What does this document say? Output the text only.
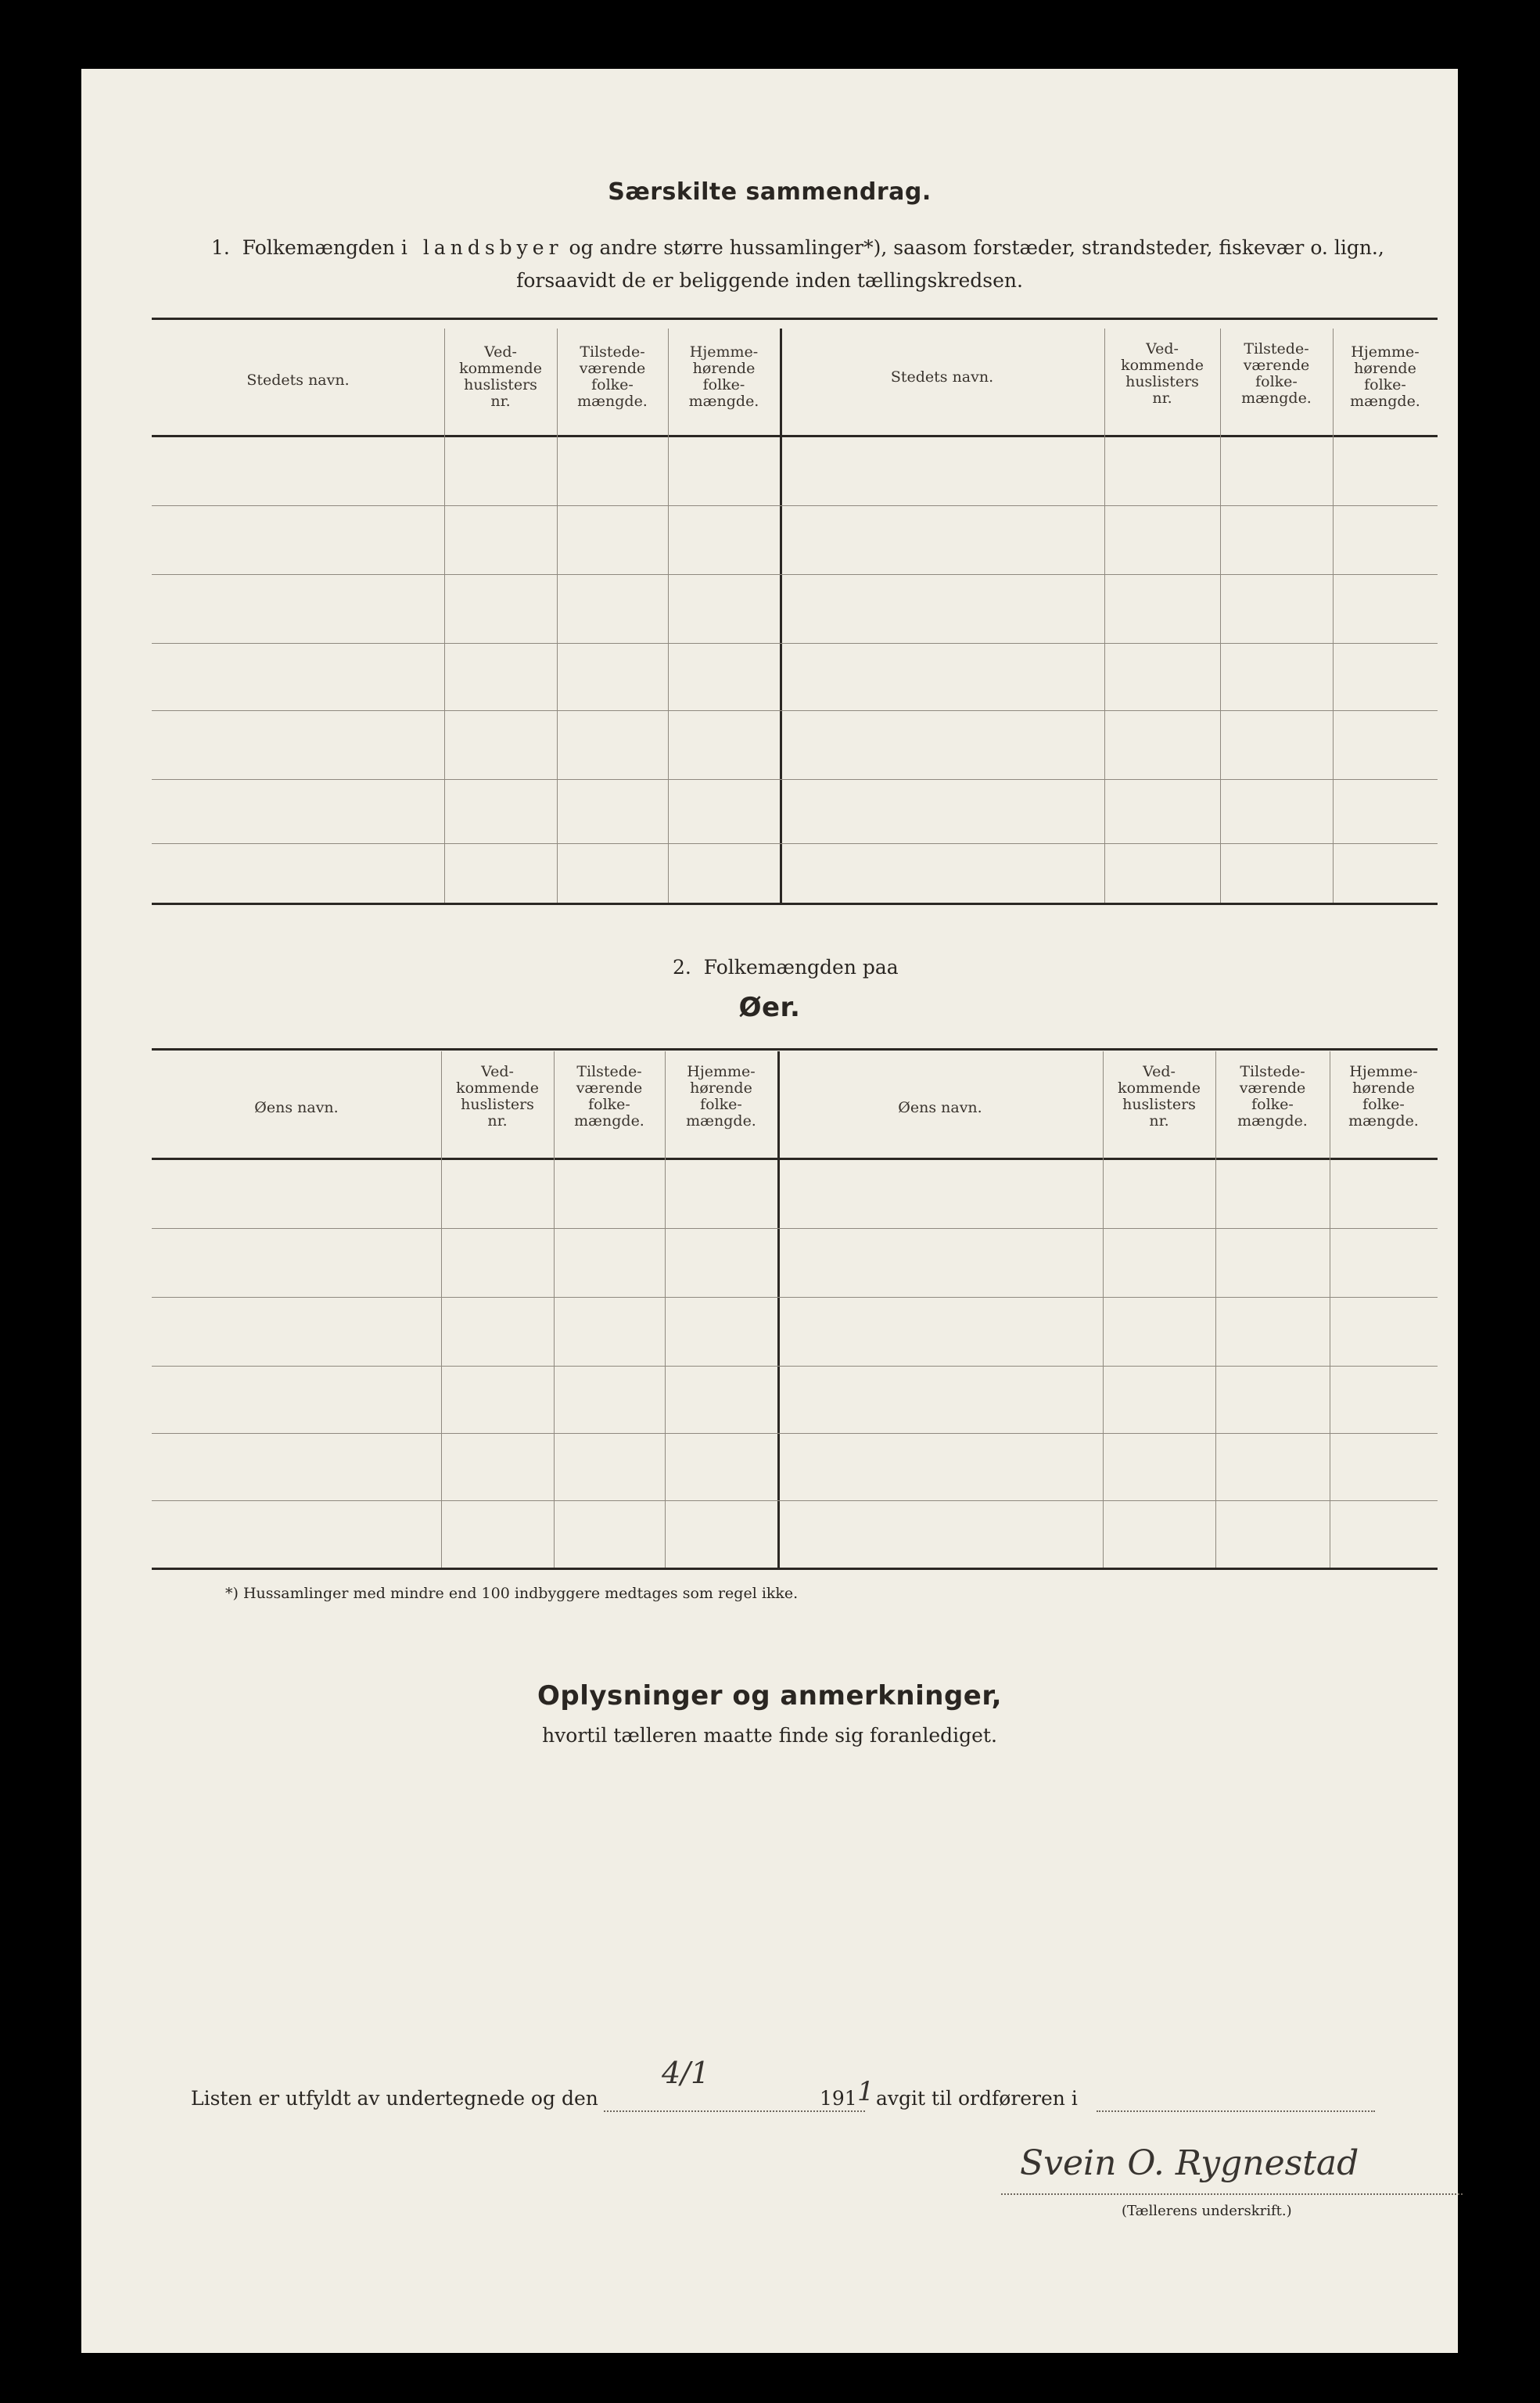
Særskilte sammendrag.
1. Folkemængden i landsbyer og andre større hussamlinger*), saasom forstæder, strandsteder, fiskevær o. lign.,
forsaavidt de er beliggende inden tællingskredsen.
Stedets navn.
Ved-
kommende
huslisters
nr.
Tilstede-
værende
folke-
mængde.
Hjemme-
hørende
folke-
mængde.
Stedets navn.
Ved-
kommende
huslisters
nr.
Tilstede-
værende
folke-
mængde.
Hjemme-
hørende
folke-
mængde.
2. Folkemængden paa
Øer.
Øens navn.
Ved-
kommende
huslisters
nr.
Tilstede-
værende
folke-
mængde.
Hjemme-
hørende
folke-
mængde.
Øens navn.
Ved-
kommende
huslisters
nr.
Tilstede-
værende
folke-
mængde.
Hjemme-
hørende
folke-
mængde.
*) Hussamlinger med mindre end 100 indbyggere medtages som regel ikke.
Oplysninger og anmerkninger,
hvortil tælleren maatte finde sig foranlediget.
Listen er utfyldt av undertegnede og den
4/1
191 1 avgit til ordføreren i
Svein O. Rygnestad
(Tællerens underskrift.)
